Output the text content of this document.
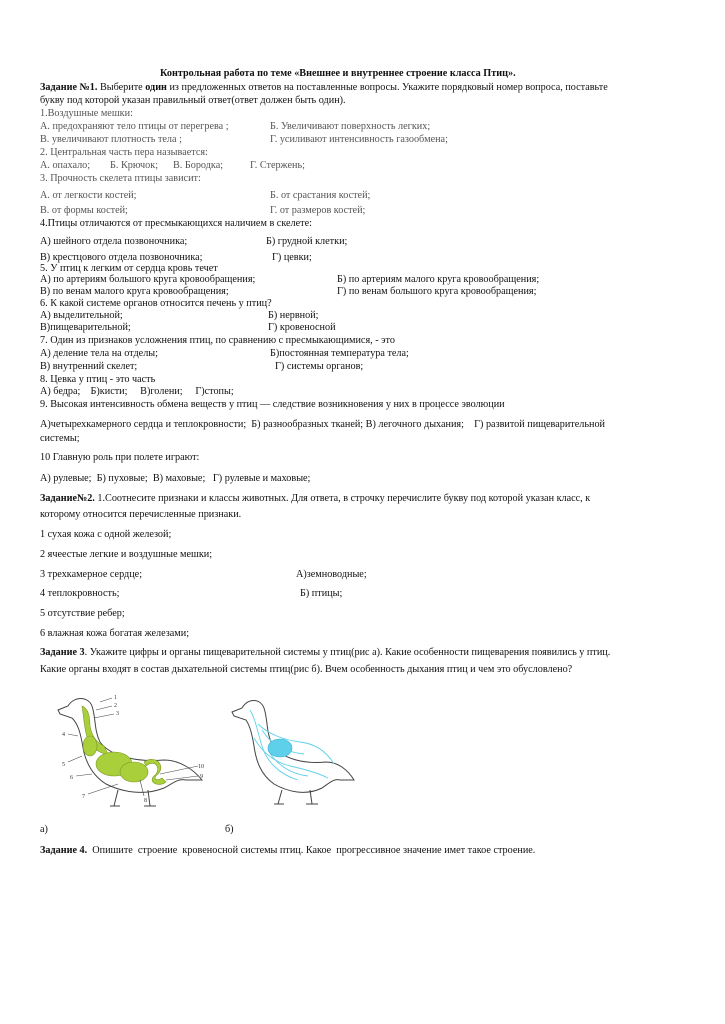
Контрольная работа по теме «Внешнее и внутреннее строение класса Птиц».
Задание №1. Выберите один из предложенных ответов на поставленные вопросы. Укажите порядковый номер вопроса, поставьте
букву под которой указан правильный ответ(ответ должен быть один).
1.Воздушные мешки:
А. предохраняют тело птицы от перегрева ;	Б. Увеличивают поверхность легких;
В. увеличивают плотность тела ;	Г. усиливают интенсивность газообмена;
2. Центральная часть пера называется:
А. опахало; Б. Крючок; В. Бородка;	Г. Стержень;
3. Прочность скелета птицы зависит:
А. от легкости костей;	Б. от срастания костей;
В. от формы костей;	Г. от размеров костей;
4.Птицы отличаются от пресмыкающихся наличием в скелете:
А) шейного отдела позвоночника;	Б) грудной клетки;
В) крестцового отдела позвоночника;	Г) цевки;
5. У птиц к легким от сердца кровь течет
А) по артериям большого круга кровообращения;	Б) по артериям малого круга кровообращения;
В) по венам малого круга кровообращения;	Г) по венам большого круга кровообращения;
6. К какой системе органов относится печень у птиц?
А) выделительной;	Б) нервной;
В)пищеварительной;	Г) кровеносной
7. Один из признаков усложнения птиц, по сравнению с пресмыкающимися, - это
А) деление тела на отделы;	Б)постоянная температура тела;
В) внутренний скелет;	Г) системы органов;
8. Цевка у птиц - это часть
А) бедра;    Б)кисти;     В)голени;     Г)стопы;
9. Высокая интенсивность обмена веществ у птиц — следствие возникновения у них в процессе эволюции
А)четырехкамерного сердца и теплокровности;  Б) разнообразных тканей; В) легочного дыхания;    Г) развитой пищеварительной
системы;
10 Главную роль при полете играют:
А) рулевые;  Б) пуховые;  В) маховые;   Г) рулевые и маховые;
Задание№2. 1.Соотнесите признаки и классы животных. Для ответа, в строчку перечислите букву под которой указан класс, к
которому относится перечисленные признаки.
1 сухая кожа с одной железой;
2 ячеестые легкие и воздушные мешки;
3 трехкамерное сердце;	А)земноводные;
4 теплокровность;	Б) птицы;
5 отсутствие ребер;
6 влажная кожа богатая железами;
Задание 3. Укажите цифры и органы пищеварительной системы у птиц(рис а). Какие особенности пищеварения появились у птиц.
Какие органы входят в состав дыхательной системы птиц(рис б). Вчем особенность дыхания птиц и чем это обусловлено?
1
2
3
4
5
6
7
8
9
10
а)	б)
Задание 4.  Опишите  строение  кровеносной системы птиц. Какое  прогрессивное значение имет такое строение.
